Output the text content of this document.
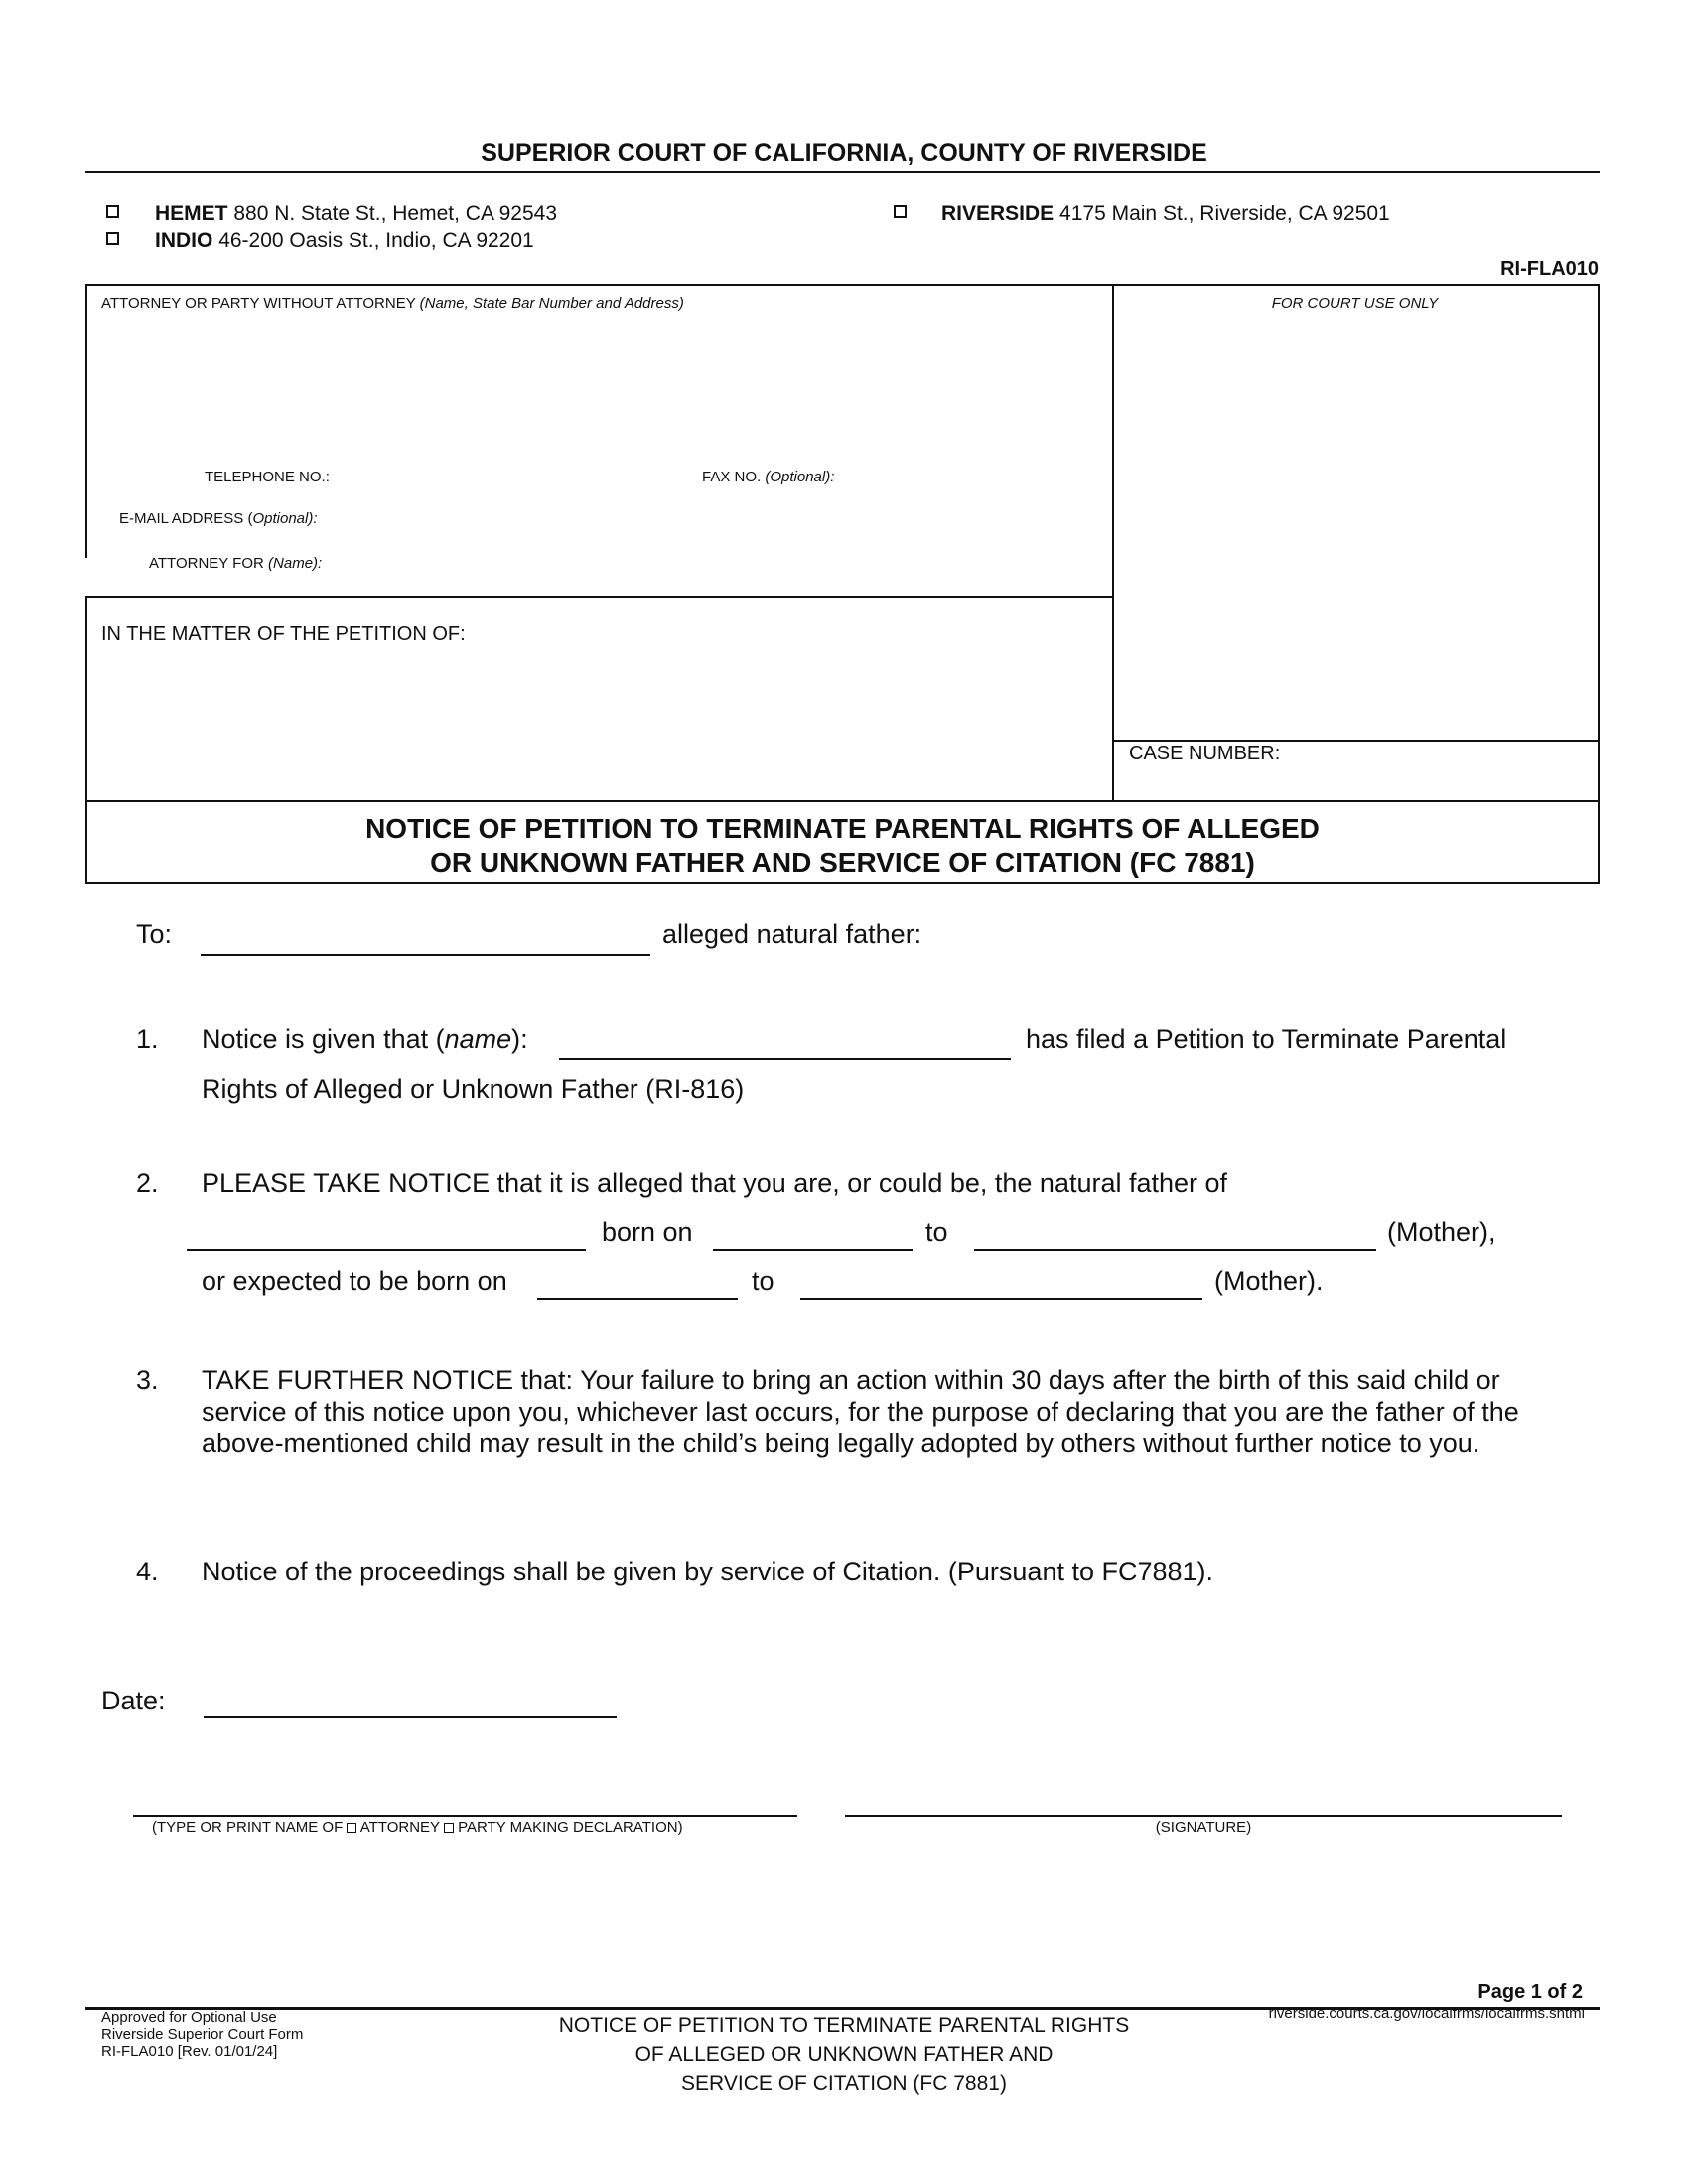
SUPERIOR COURT OF CALIFORNIA, COUNTY OF RIVERSIDE
HEMET 880 N. State St., Hemet, CA 92543
INDIO 46-200 Oasis St., Indio, CA 92201
RIVERSIDE 4175 Main St., Riverside, CA 92501
RI-FLA010
ATTORNEY OR PARTY WITHOUT ATTORNEY (Name, State Bar Number and Address)	FOR COURT USE ONLY
TELEPHONE NO.:	FAX NO. (Optional):
E-MAIL ADDRESS (Optional):
ATTORNEY FOR (Name):
IN THE MATTER OF THE PETITION OF:
CASE NUMBER:
NOTICE OF PETITION TO TERMINATE PARENTAL RIGHTS OF ALLEGED
OR UNKNOWN FATHER AND SERVICE OF CITATION (FC 7881)
To:	alleged natural father:
1. Notice is given that (name):	has filed a Petition to Terminate Parental
Rights of Alleged or Unknown Father (RI-816)
2. PLEASE TAKE NOTICE that it is alleged that you are, or could be, the natural father of
born on	to	(Mother),
or expected to be born on	to	(Mother).
3. TAKE FURTHER NOTICE that: Your failure to bring an action within 30 days after the birth of this said child or service of this notice upon you, whichever last occurs, for the purpose of declaring that you are the father of the above-mentioned child may result in the child’s being legally adopted by others without further notice to you.
4. Notice of the proceedings shall be given by service of Citation. (Pursuant to FC7881).
Date:
(TYPE OR PRINT NAME OF ATTORNEY PARTY MAKING DECLARATION)	(SIGNATURE)
Page 1 of 2
Approved for Optional Use
Riverside Superior Court Form
RI-FLA010 [Rev. 01/01/24]
NOTICE OF PETITION TO TERMINATE PARENTAL RIGHTS
OF ALLEGED OR UNKNOWN FATHER AND
SERVICE OF CITATION (FC 7881)
riverside.courts.ca.gov/localfrms/localfrms.shtml
